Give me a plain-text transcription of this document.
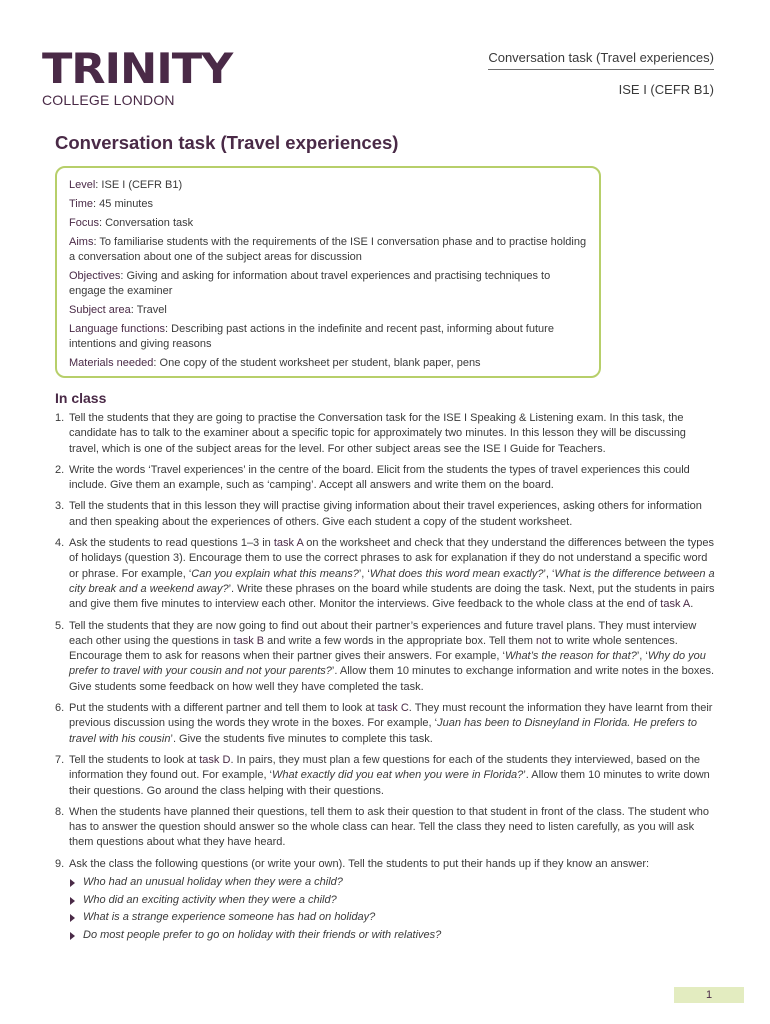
TRINITY
COLLEGE LONDON
Conversation task (Travel experiences)
ISE I (CEFR B1)
Conversation task (Travel experiences)

Level: ISE I (CEFR B1)

Time: 45 minutes

Focus: Conversation task

Aims: To familiarise students with the requirements of the ISE I conversation phase and to practise holding a conversation about one of the subject areas for discussion

Objectives: Giving and asking for information about travel experiences and practising techniques to engage the examiner

Subject area: Travel

Language functions: Describing past actions in the indefinite and recent past, informing about future intentions and giving reasons

Materials needed: One copy of the student worksheet per student, blank paper, pens

In class
1. Tell the students that they are going to practise the Conversation task for the ISE I Speaking & Listening exam. In this task, the candidate has to talk to the examiner about a specific topic for approximately two minutes. In this lesson they will be discussing travel, which is one of the subject areas for the level. For other subject areas see the ISE I Guide for Teachers.
2. Write the words ‘Travel experiences’ in the centre of the board. Elicit from the students the types of travel experiences this could include. Give them an example, such as ‘camping’. Accept all answers and write them on the board.
3. Tell the students that in this lesson they will practise giving information about their travel experiences, asking others for information and then speaking about the experiences of others. Give each student a copy of the student worksheet.
4. Ask the students to read questions 1–3 in task A on the worksheet and check that they understand the differences between the types of holidays (question 3). Encourage them to use the correct phrases to ask for explanation if they do not understand a specific word or phrase. For example, ‘Can you explain what this means?’, ‘What does this word mean exactly?’, ‘What is the difference between a city break and a weekend away?’. Write these phrases on the board while students are doing the task. Next, put the students in pairs and give them five minutes to interview each other. Monitor the interviews. Give feedback to the whole class at the end of task A.
5. Tell the students that they are now going to find out about their partner’s experiences and future travel plans. They must interview each other using the questions in task B and write a few words in the appropriate box. Tell them not to write whole sentences. Encourage them to ask for reasons when their partner gives their answers. For example, ‘What’s the reason for that?’, ‘Why do you prefer to travel with your cousin and not your parents?’. Allow them 10 minutes to exchange information and write notes in the boxes. Give students some feedback on how well they have completed the task.
6. Put the students with a different partner and tell them to look at task C. They must recount the information they have learnt from their previous discussion using the words they wrote in the boxes. For example, ‘Juan has been to Disneyland in Florida. He prefers to travel with his cousin’. Give the students five minutes to complete this task.
7. Tell the students to look at task D. In pairs, they must plan a few questions for each of the students they interviewed, based on the information they found out. For example, ‘What exactly did you eat when you were in Florida?’. Allow them 10 minutes to write down their questions. Go around the class helping with their questions.
8. When the students have planned their questions, tell them to ask their question to that student in front of the class. The student who has to answer the question should answer so the whole class can hear. Tell the class they need to listen carefully, as you will ask them questions about what they have heard.
9. Ask the class the following questions (or write your own). Tell the students to put their hands up if they know an answer:
Who had an unusual holiday when they were a child?
Who did an exciting activity when they were a child?
What is a strange experience someone has had on holiday?
Do most people prefer to go on holiday with their friends or with relatives?
1
